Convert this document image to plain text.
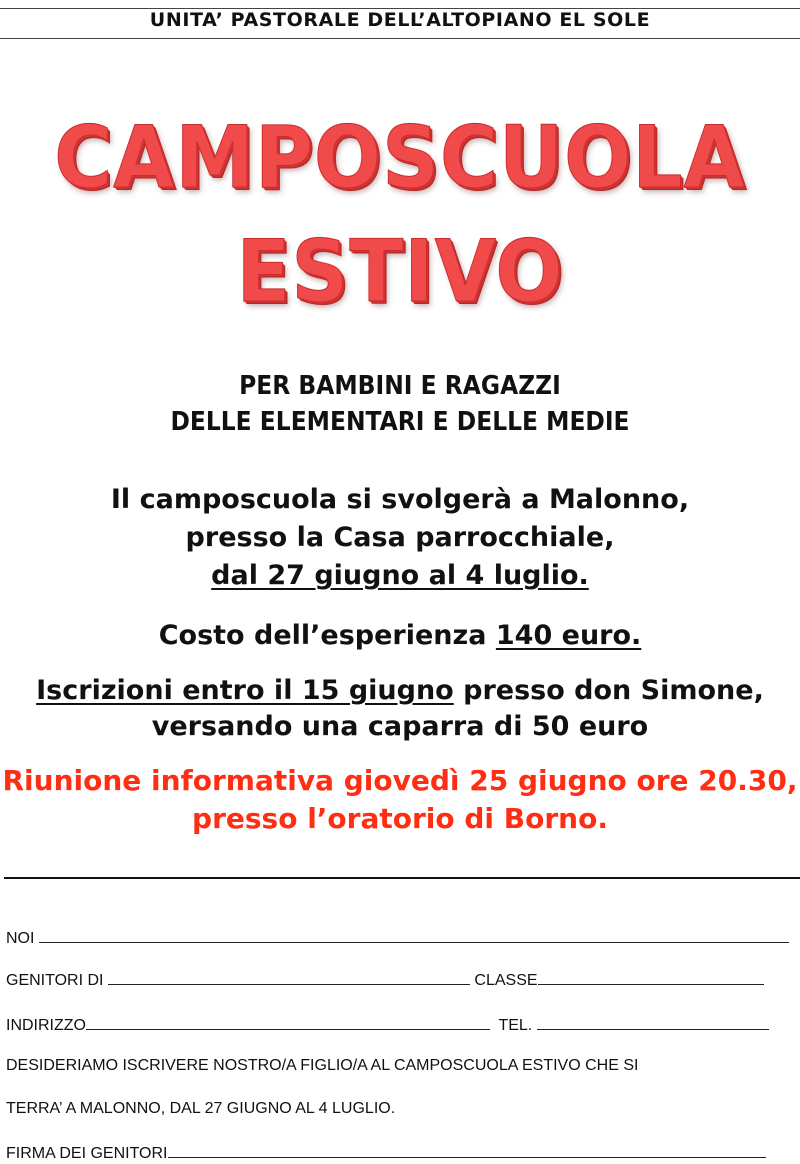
UNITA’ PASTORALE DELL’ALTOPIANO EL SOLE
CAMPOSCUOLA
ESTIVO
PER BAMBINI E RAGAZZI
DELLE ELEMENTARI E DELLE MEDIE
Il camposcuola si svolgerà a Malonno,
presso la Casa parrocchiale,
dal 27 giugno al 4 luglio.
Costo dell’esperienza 140 euro.
Iscrizioni entro il 15 giugno presso don Simone,
versando una caparra di 50 euro
Riunione informativa giovedì 25 giugno ore 20.30,
presso l’oratorio di Borno.
NOI
GENITORI DI	CLASSE
INDIRIZZO	TEL.
DESIDERIAMO ISCRIVERE NOSTRO/A FIGLIO/A AL CAMPOSCUOLA ESTIVO CHE SI
TERRA’ A MALONNO, DAL 27 GIUGNO AL 4 LUGLIO.
FIRMA DEI GENITORI
